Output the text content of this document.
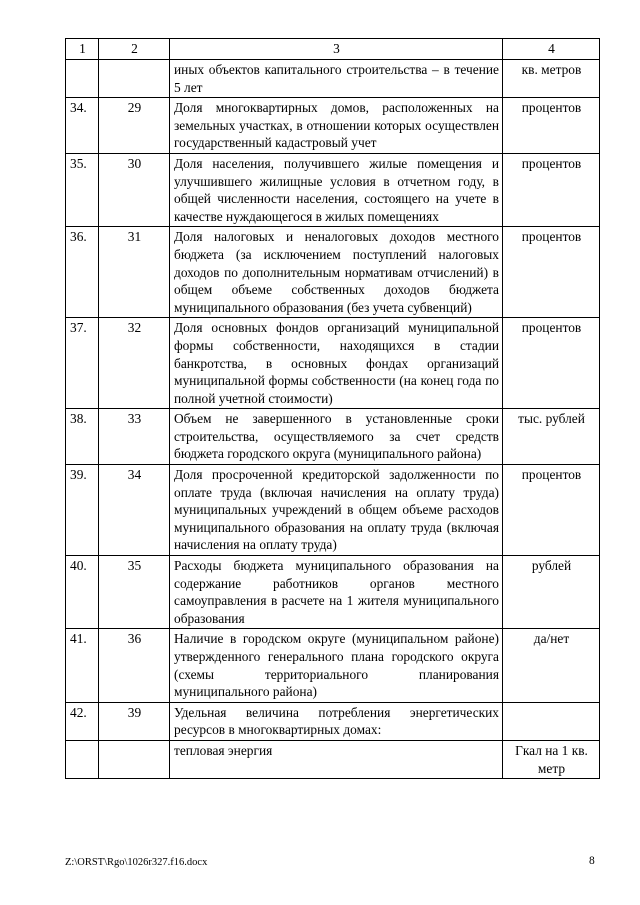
1	2	3	4
		иных объектов капитального строительства – в течение 5 лет	кв. метров
34.	29	Доля многоквартирных домов, расположенных на земельных участках, в отношении которых осуществлен государственный кадастровый учет	процентов
35.	30	Доля населения, получившего жилые помещения и улучшившего жилищные условия в отчетном году, в общей численности населения, состоящего на учете в качестве нуждающегося в жилых помещениях	процентов
36.	31	Доля налоговых и неналоговых доходов местного бюджета (за исключением поступлений налоговых доходов по дополнительным нормативам отчислений) в общем объеме собственных доходов бюджета муниципального образования (без учета субвенций)	процентов
37.	32	Доля основных фондов организаций муниципальной формы собственности, находящихся в стадии банкротства, в основных фондах организаций муниципальной формы собственности (на конец года по полной учетной стоимости)	процентов
38.	33	Объем не завершенного в установленные сроки строительства, осуществляемого за счет средств бюджета городского округа (муниципального района)	тыс. рублей
39.	34	Доля просроченной кредиторской задолженности по оплате труда (включая начисления на оплату труда) муниципальных учреждений в общем объеме расходов муниципального образования на оплату труда (включая начисления на оплату труда)	процентов
40.	35	Расходы бюджета муниципального образования на содержание работников органов местного самоуправления в расчете на 1 жителя муниципального образования	рублей
41.	36	Наличие в городском округе (муниципальном районе) утвержденного генерального плана городского округа (схемы территориального планирования муниципального района)	да/нет
42.	39	Удельная величина потребления энергетических ресурсов в многоквартирных домах:	
		тепловая энергия	Гкал на 1 кв. метр
Z:\ORST\Rgo\1026r327.f16.docx	8
